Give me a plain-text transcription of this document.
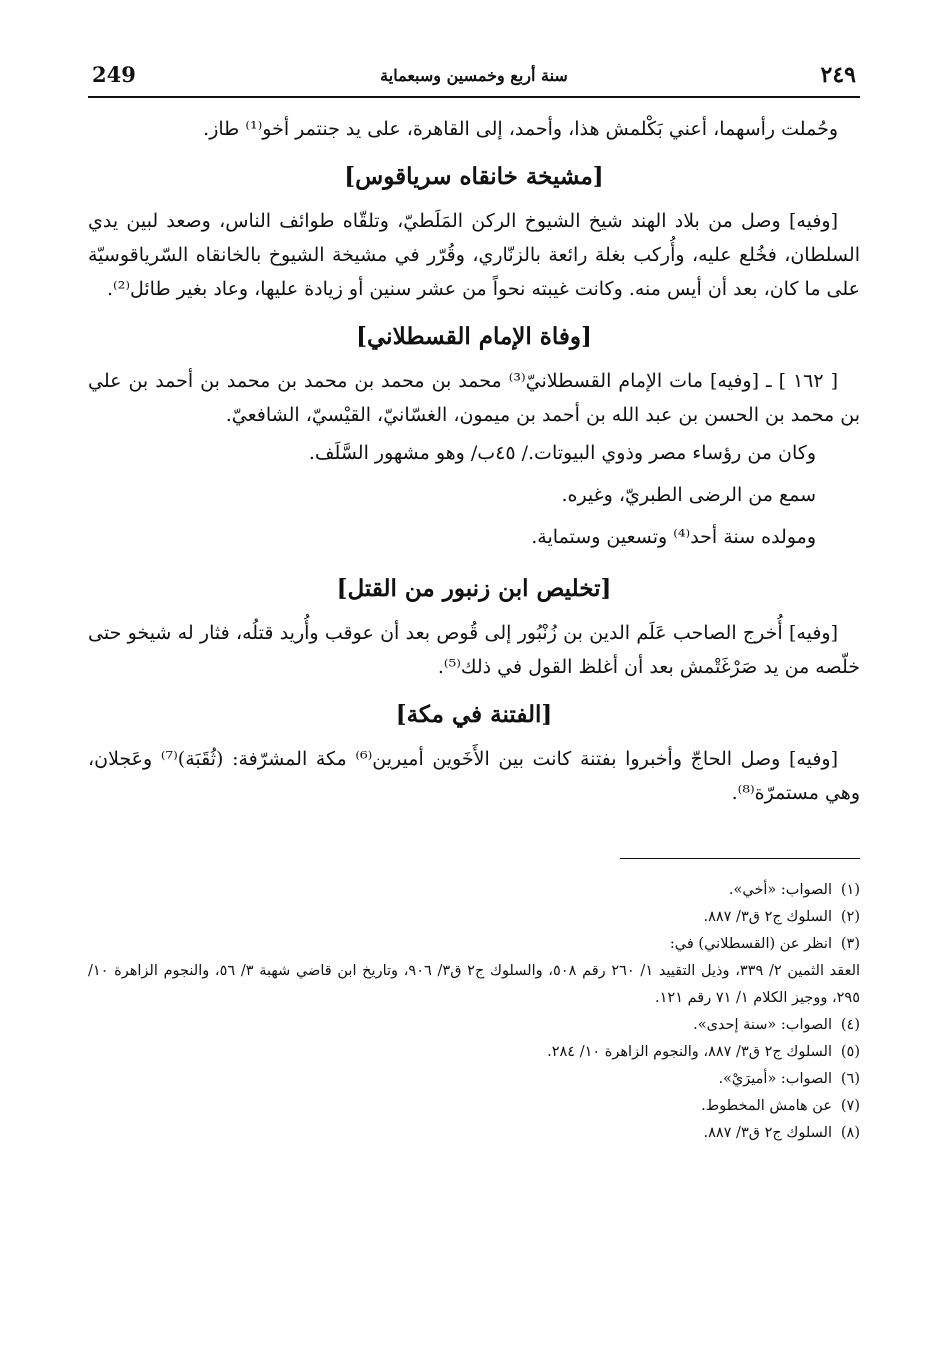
٢٤٩
سنة أربع وخمسين وسبعماية
249

وحُملت رأسهما، أعني بَكْلمش هذا، وأحمد، إلى القاهرة، على يد جنتمر أخو⁽¹⁾ طاز.

[مشيخة خانقاه سرياقوس]

[وفيه] وصل من بلاد الهند شيخ الشيوخ الركن المَلَطيّ، وتلقّاه طوائف الناس، وصعد لبين يدي السلطان، فخُلع عليه، وأُركب بغلة رائعة بالزنّاري، وقُرّر في مشيخة الشيوخ بالخانقاه السّرياقوسيّة على ما كان، بعد أن أيس منه. وكانت غيبته نحواً من عشر سنين أو زيادة عليها، وعاد بغير طائل⁽²⁾.

[وفاة الإمام القسطلاني]

[ ١٦٢ ] ـ [وفيه] مات الإمام القسطلانيّ⁽³⁾ محمد بن محمد بن محمد بن محمد بن أحمد بن علي بن محمد بن الحسن بن عبد الله بن أحمد بن ميمون، الغسّانيّ، القيْسيّ، الشافعيّ.

وكان من رؤساء مصر وذوي البيوتات./ ٤٥ب/ وهو مشهور السَّلَف.

سمع من الرضى الطبريّ، وغيره.

ومولده سنة أحد⁽⁴⁾ وتسعين وستماية.

[تخليص ابن زنبور من القتل]

[وفيه] أُخرج الصاحب عَلَم الدين بن زُنْبُور إلى قُوص بعد أن عوقب وأُريد قتلُه، فثار له شيخو حتى خلّصه من يد صَرْغَتْمش بعد أن أغلظ القول في ذلك⁽⁵⁾.

[الفتنة في مكة]

[وفيه] وصل الحاجّ وأخبروا بفتنة كانت بين الأَخَوين أميرين⁽⁶⁾ مكة المشرّفة: (ثُقَبَة)⁽⁷⁾ وعَجلان، وهي مستمرّة⁽⁸⁾.

(١)الصواب: «أخي».

(٢)السلوك ج٢ ق٣/ ٨٨٧.

(٣)انظر عن (القسطلاني) في:

العقد الثمين ٢/ ٣٣٩، وذيل التقييد ١/ ٢٦٠ رقم ٥٠٨، والسلوك ج٢ ق٣/ ٩٠٦، وتاريخ ابن قاضي شهبة ٣/ ٥٦، والنجوم الزاهرة ١٠/ ٢٩٥، ووجيز الكلام ١/ ٧١ رقم ١٢١.

(٤)الصواب: «سنة إحدى».

(٥)السلوك ج٢ ق٣/ ٨٨٧، والنجوم الزاهرة ١٠/ ٢٨٤.

(٦)الصواب: «أميرَيْ».

(٧)عن هامش المخطوط.

(٨)السلوك ج٢ ق٣/ ٨٨٧.
